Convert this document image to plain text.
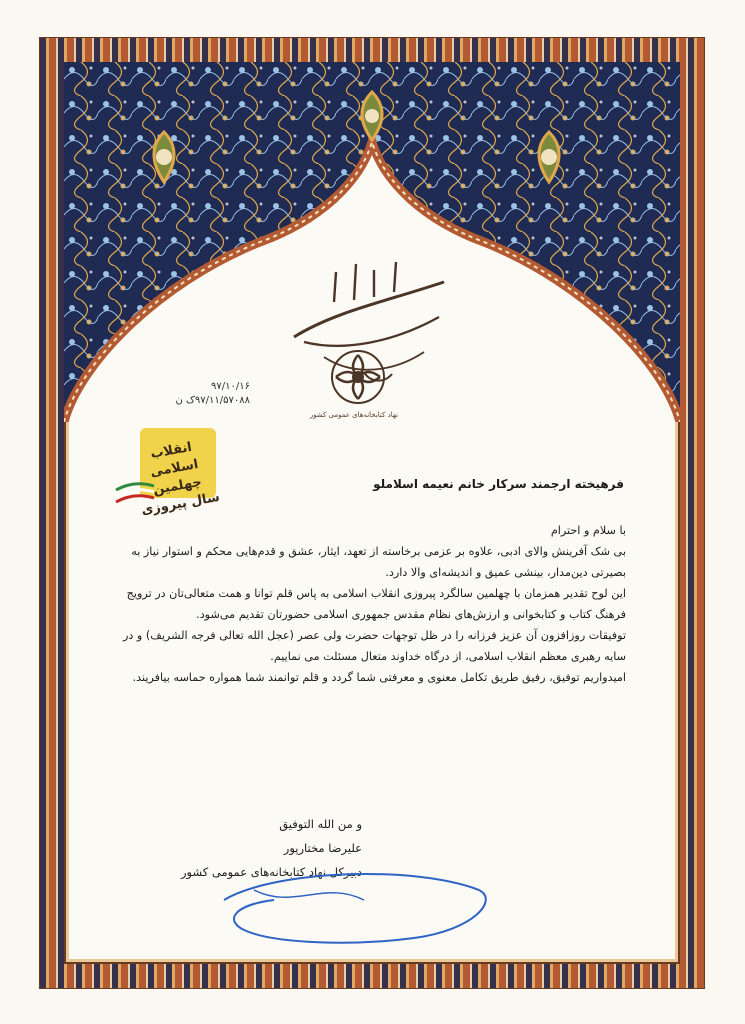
نهاد کتابخانه‌های عمومی کشور
۹۷/۱۰/۱۶
۹۷/۱۱/۵۷۰۸۸ک ن
انقلاب اسلامی
چهلمین سال پیروزی
فرهیخته ارجمند سرکار خانم نعیمه اسلاملو

با سلام و احترام

بی شک آفرینش والای ادبی، علاوه بر عزمی برخاسته از تعهد، ایثار، عشق و قدم‌هایی محکم و استوار نیاز به بصیرتی دین‌مدار، بینشی عمیق و اندیشه‌ای والا دارد.

این لوح تقدیر همزمان با چهلمین سالگرد پیروزی انقلاب اسلامی به پاس قلم توانا و همت متعالی‌تان در ترویج فرهنگ کتاب و کتابخوانی و ارزش‌های نظام مقدس جمهوری اسلامی حضورتان تقدیم می‌شود.

توفیقات روزافزون آن عزیز فرزانه را در ظل توجهات حضرت ولی عصر (عجل الله تعالی فرجه الشریف) و در سایه رهبری معظم انقلاب اسلامی، از درگاه خداوند متعال مسئلت می نماییم.

امیدواریم توفیق، رفیق طریق تکامل معنوی و معرفتی شما گردد و قلم توانمند شما همواره حماسه بیافریند.

و من الله التوفیق
علیرضا مختارپور
دبیرکل نهاد کتابخانه‌های عمومی کشور
